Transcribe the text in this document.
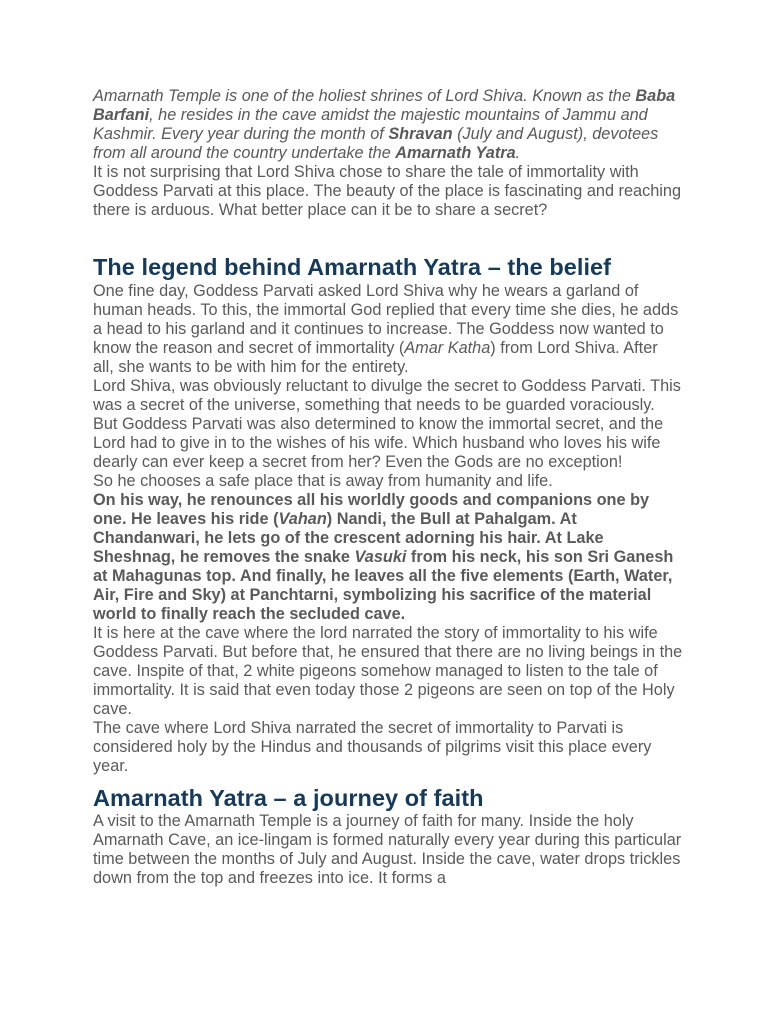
Amarnath Temple is one of the holiest shrines of Lord Shiva. Known as the Baba Barfani, he resides in the cave amidst the majestic mountains of Jammu and Kashmir. Every year during the month of Shravan (July and August), devotees from all around the country undertake the Amarnath Yatra.

It is not surprising that Lord Shiva chose to share the tale of immortality with Goddess Parvati at this place. The beauty of the place is fascinating and reaching there is arduous. What better place can it be to share a secret?

The legend behind Amarnath Yatra – the belief

One fine day, Goddess Parvati asked Lord Shiva why he wears a garland of human heads. To this, the immortal God replied that every time she dies, he adds a head to his garland and it continues to increase. The Goddess now wanted to know the reason and secret of immortality (Amar Katha) from Lord Shiva. After all, she wants to be with him for the entirety.

Lord Shiva, was obviously reluctant to divulge the secret to Goddess Parvati. This was a secret of the universe, something that needs to be guarded voraciously. But Goddess Parvati was also determined to know the immortal secret, and the Lord had to give in to the wishes of his wife. Which husband who loves his wife dearly can ever keep a secret from her? Even the Gods are no exception!

So he chooses a safe place that is away from humanity and life.

On his way, he renounces all his worldly goods and companions one by one. He leaves his ride (Vahan) Nandi, the Bull at Pahalgam. At Chandanwari, he lets go of the crescent adorning his hair. At Lake Sheshnag, he removes the snake Vasuki from his neck, his son Sri Ganesh at Mahagunas top. And finally, he leaves all the five elements (Earth, Water, Air, Fire and Sky) at Panchtarni, symbolizing his sacrifice of the material world to finally reach the secluded cave.

It is here at the cave where the lord narrated the story of immortality to his wife Goddess Parvati. But before that, he ensured that there are no living beings in the cave. Inspite of that, 2 white pigeons somehow managed to listen to the tale of immortality. It is said that even today those 2 pigeons are seen on top of the Holy cave.

The cave where Lord Shiva narrated the secret of immortality to Parvati is considered holy by the Hindus and thousands of pilgrims visit this place every year.

Amarnath Yatra – a journey of faith

A visit to the Amarnath Temple is a journey of faith for many. Inside the holy Amarnath Cave, an ice-lingam is formed naturally every year during this particular time between the months of July and August. Inside the cave, water drops trickles down from the top and freezes into ice. It forms a
